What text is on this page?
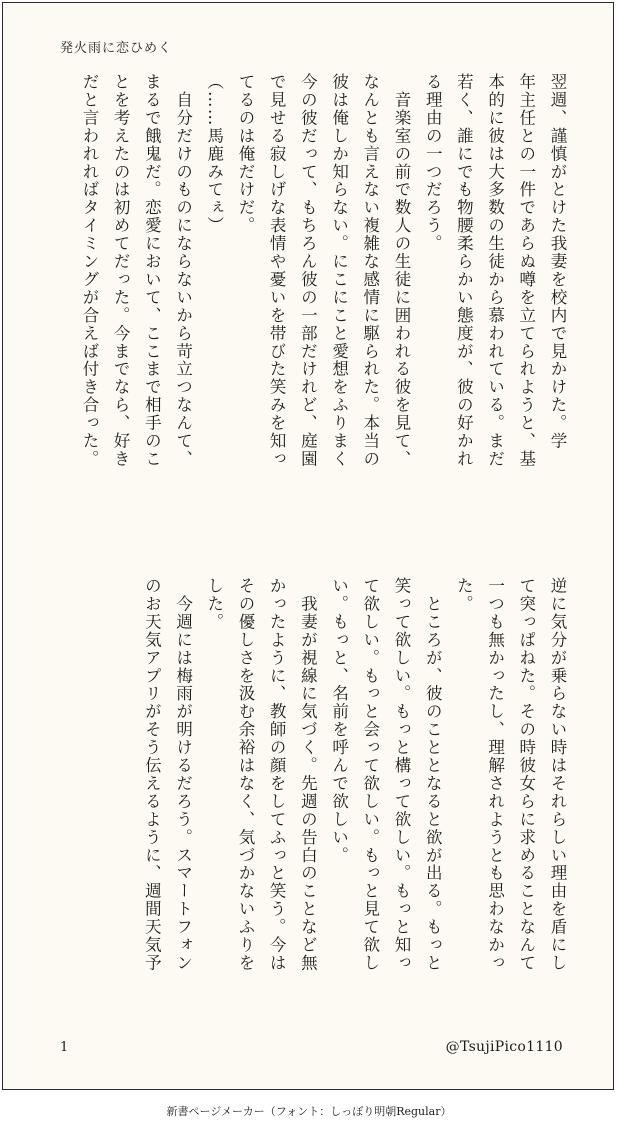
発火雨に恋ひめく

翌週、謹慎がとけた我妻を校内で見かけた。学

年主任との一件であらぬ噂を立てられようと、基

本的に彼は大多数の生徒から慕われている。まだ

若く、誰にでも物腰柔らかい態度が、彼の好かれ

る理由の一つだろう。

　音楽室の前で数人の生徒に囲われる彼を見て、

なんとも言えない複雑な感情に駆られた。本当の

彼は俺しか知らない。にこにこと愛想をふりまく

今の彼だって、もちろん彼の一部だけれど、庭園

で見せる寂しげな表情や憂いを帯びた笑みを知っ

てるのは俺だけだ。

（……馬鹿みてぇ）

　自分だけのものにならないから苛立つなんて、

まるで餓鬼だ。恋愛において、ここまで相手のこ

とを考えたのは初めてだった。今までなら、好き

だと言われればタイミングが合えば付き合った。

逆に気分が乗らない時はそれらしい理由を盾にし

て突っぱねた。その時彼女らに求めることなんて

一つも無かったし、理解されようとも思わなかっ

た。

　ところが、彼のこととなると欲が出る。もっと

笑って欲しい。もっと構って欲しい。もっと知っ

て欲しい。もっと会って欲しい。もっと見て欲し

い。もっと、名前を呼んで欲しい。

　我妻が視線に気づく。先週の告白のことなど無

かったように、教師の顔をしてふっと笑う。今は

その優しさを汲む余裕はなく、気づかないふりを

した。

　今週には梅雨が明けるだろう。スマートフォン

のお天気アプリがそう伝えるように、週間天気予

1	@TsujiPico1110
新書ページメーカー（フォント：しっぽり明朝Regular）
